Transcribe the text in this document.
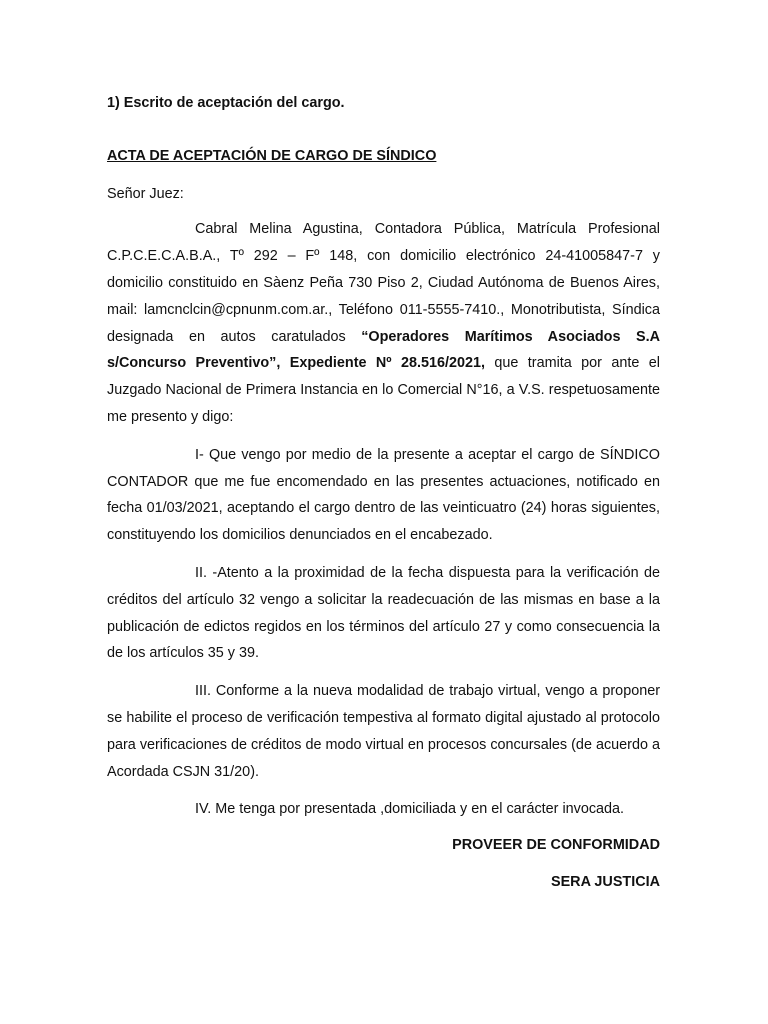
1) Escrito de aceptación del cargo.

ACTA DE ACEPTACIÓN DE CARGO DE SÍNDICO

Señor Juez:

Cabral Melina Agustina, Contadora Pública, Matrícula Profesional C.P.C.E.C.A.B.A., Tº 292 – Fº 148, con domicilio electrónico 24-41005847-7 y domicilio constituido en Sàenz Peña 730 Piso 2, Ciudad Autónoma de Buenos Aires, mail: lamcnclcin@cpnunm.com.ar., Teléfono 011-5555-7410., Monotributista, Síndica designada en autos caratulados “Operadores Marítimos Asociados S.A s/Concurso Preventivo”, Expediente Nº 28.516/2021, que tramita por ante el Juzgado Nacional de Primera Instancia en lo Comercial N°16, a V.S. respetuosamente me presento y digo:

I- Que vengo por medio de la presente a aceptar el cargo de SÍNDICO CONTADOR que me fue encomendado en las presentes actuaciones, notificado en fecha 01/03/2021, aceptando el cargo dentro de las veinticuatro (24) horas siguientes, constituyendo los domicilios denunciados en el encabezado.

II. -Atento a la proximidad de la fecha dispuesta para la verificación de créditos del artículo 32 vengo a solicitar la readecuación de las mismas en base a la publicación de edictos regidos en los términos del artículo 27 y como consecuencia la de los artículos 35 y 39.

III. Conforme a la nueva modalidad de trabajo virtual, vengo a proponer se habilite el proceso de verificación tempestiva al formato digital ajustado al protocolo para verificaciones de créditos de modo virtual en procesos concursales (de acuerdo a Acordada CSJN 31/20).

IV. Me tenga por presentada ,domiciliada y en el carácter invocada.

PROVEER DE CONFORMIDAD

SERA JUSTICIA
